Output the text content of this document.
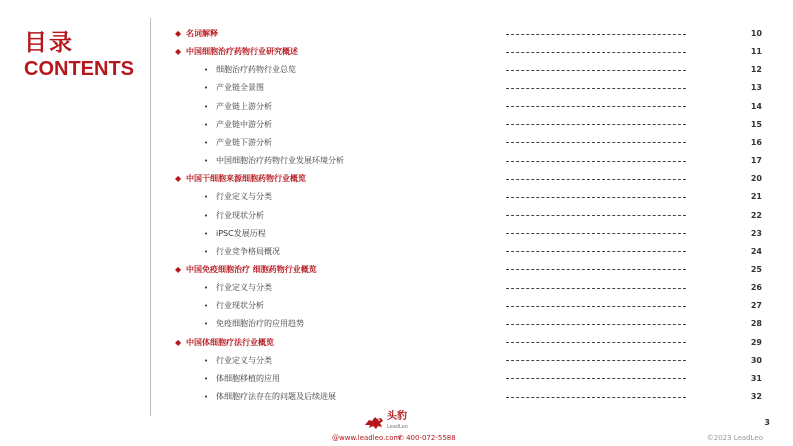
目录
CONTENTS
◆ 名词解释	10
◆ 中国细胞治疗药物行业研究概述	11
• 细胞治疗药物行业总览	12
• 产业链全景图	13
• 产业链上游分析	14
• 产业链中游分析	15
• 产业链下游分析	16
• 中国细胞治疗药物行业发展环境分析	17
◆ 中国干细胞来源细胞药物行业概览	20
• 行业定义与分类	21
• 行业现状分析	22
• iPSC发展历程	23
• 行业竞争格局概况	24
◆ 中国免疫细胞治疗 细胞药物行业概览	25
• 行业定义与分类	26
• 行业现状分析	27
• 免疫细胞治疗的应用趋势	28
◆ 中国体细胞疗法行业概览	29
• 行业定义与分类	30
• 体细胞移植的应用	31
• 体细胞疗法存在的问题及后续进展	32
头豹
LeadLeo
@www.leadleo.com
✆ 400-072-5588	©2023 LeadLeo
3
